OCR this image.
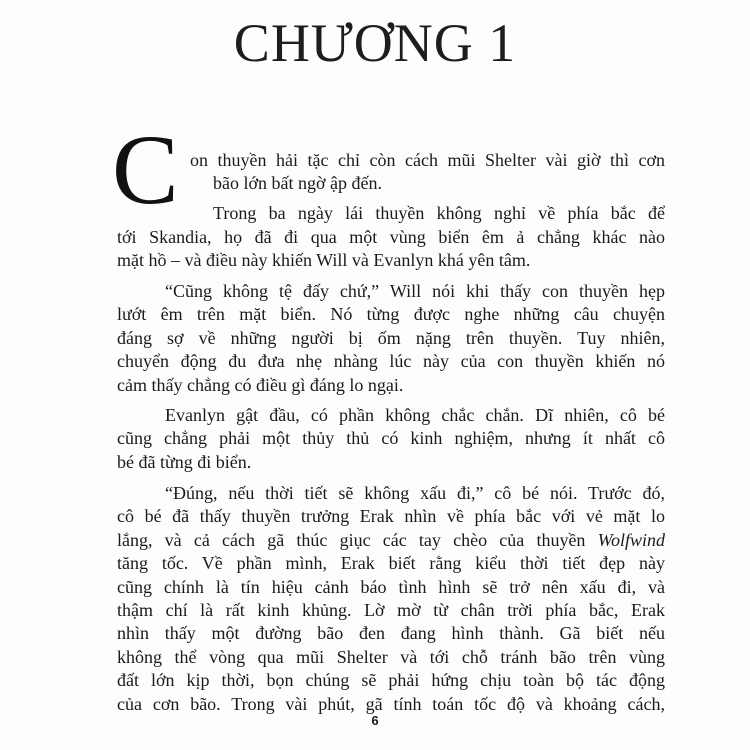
CHƯƠNG 1
C on thuyền hải tặc chỉ còn cách mũi Shelter vài giờ thì cơn
bão lớn bất ngờ ập đến.
Trong ba ngày lái thuyền không nghỉ về phía bắc để
tới Skandia, họ đã đi qua một vùng biển êm ả chẳng khác nào
mặt hồ – và điều này khiến Will và Evanlyn khá yên tâm.
“Cũng không tệ đấy chứ,” Will nói khi thấy con thuyền hẹp
lướt êm trên mặt biển. Nó từng được nghe những câu chuyện
đáng sợ về những người bị ốm nặng trên thuyền. Tuy nhiên,
chuyển động đu đưa nhẹ nhàng lúc này của con thuyền khiến nó
cảm thấy chẳng có điều gì đáng lo ngại.
Evanlyn gật đầu, có phần không chắc chắn. Dĩ nhiên, cô bé
cũng chẳng phải một thủy thủ có kinh nghiệm, nhưng ít nhất cô
bé đã từng đi biển.
“Đúng, nếu thời tiết sẽ không xấu đi,” cô bé nói. Trước đó,
cô bé đã thấy thuyền trưởng Erak nhìn về phía bắc với vẻ mặt lo
lắng, và cả cách gã thúc giục các tay chèo của thuyền Wolfwind
tăng tốc. Về phần mình, Erak biết rằng kiểu thời tiết đẹp này
cũng chính là tín hiệu cảnh báo tình hình sẽ trở nên xấu đi, và
thậm chí là rất kinh khủng. Lờ mờ từ chân trời phía bắc, Erak
nhìn thấy một đường bão đen đang hình thành. Gã biết nếu
không thể vòng qua mũi Shelter và tới chỗ tránh bão trên vùng
đất lớn kịp thời, bọn chúng sẽ phải hứng chịu toàn bộ tác động
của cơn bão. Trong vài phút, gã tính toán tốc độ và khoảng cách,
6
